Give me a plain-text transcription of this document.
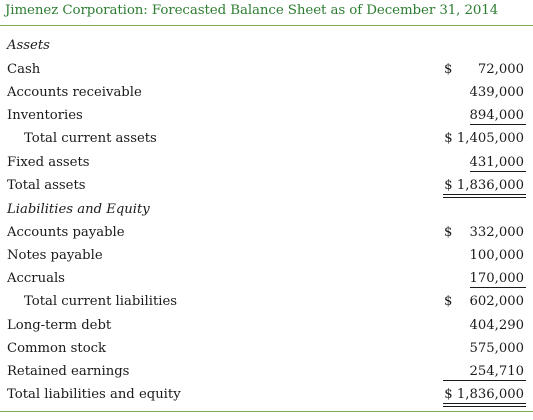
Jimenez Corporation: Forecasted Balance Sheet as of December 31, 2014
Assets
Cash	$ 72,000
Accounts receivable	439,000
Inventories	894,000
Total current assets	$ 1,405,000
Fixed assets	431,000
Total assets	$ 1,836,000
Liabilities and Equity
Accounts payable	$ 332,000
Notes payable	100,000
Accruals	170,000
Total current liabilities	$ 602,000
Long-term debt	404,290
Common stock	575,000
Retained earnings	254,710
Total liabilities and equity	$ 1,836,000
